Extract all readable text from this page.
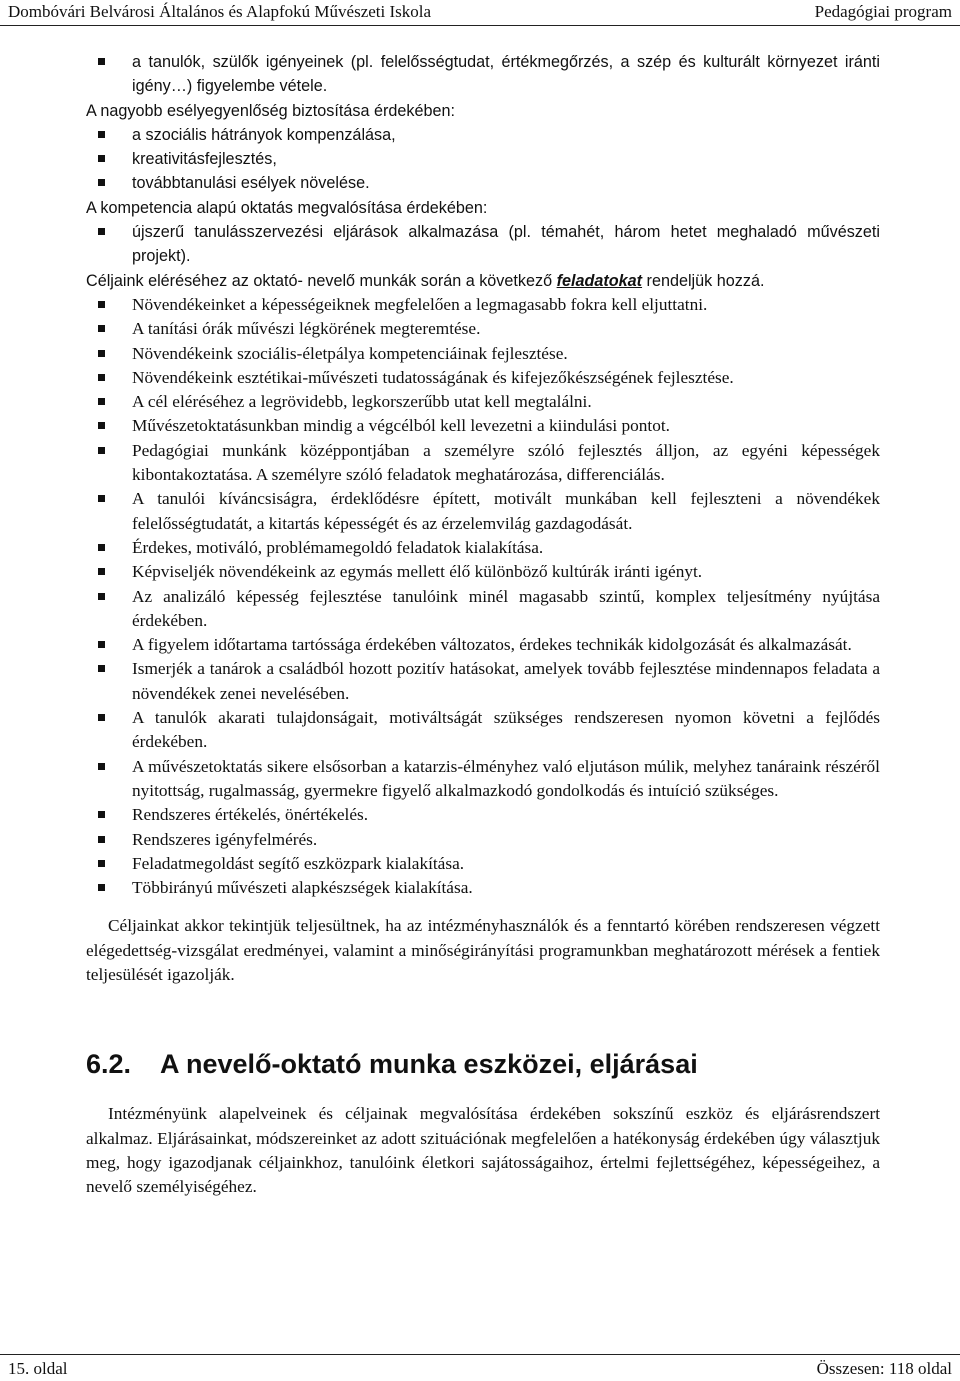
Dombóvári Belvárosi Általános és Alapfokú Művészeti Iskola	Pedagógiai program
a tanulók, szülők igényeinek (pl. felelősségtudat, értékmegőrzés, a szép és kulturált környezet iránti igény…) figyelembe vétele.
A nagyobb esélyegyenlőség biztosítása érdekében:
a szociális hátrányok kompenzálása,
kreativitásfejlesztés,
továbbtanulási esélyek növelése.
A kompetencia alapú oktatás megvalósítása érdekében:
újszerű tanulásszervezési eljárások alkalmazása (pl. témahét, három hetet meghaladó művészeti projekt).
Céljaink eléréséhez az oktató- nevelő munkák során a következő feladatokat rendeljük hozzá.
Növendékeinket a képességeiknek megfelelően a legmagasabb fokra kell eljuttatni.
A tanítási órák művészi légkörének megteremtése.
Növendékeink szociális-életpálya kompetenciáinak fejlesztése.
Növendékeink esztétikai-művészeti tudatosságának és kifejezőkészségének fejlesztése.
A cél eléréséhez a legrövidebb, legkorszerűbb utat kell megtalálni.
Művészetoktatásunkban mindig a végcélból kell levezetni a kiindulási pontot.
Pedagógiai munkánk középpontjában a személyre szóló fejlesztés álljon, az egyéni képességek kibontakoztatása. A személyre szóló feladatok meghatározása, differenciálás.
A tanulói kíváncsiságra, érdeklődésre épített, motivált munkában kell fejleszteni a növendékek felelősségtudatát, a kitartás képességét és az érzelemvilág gazdagodását.
Érdekes, motiváló, problémamegoldó feladatok kialakítása.
Képviseljék növendékeink az egymás mellett élő különböző kultúrák iránti igényt.
Az analizáló képesség fejlesztése tanulóink minél magasabb szintű, komplex teljesítmény nyújtása érdekében.
A figyelem időtartama tartóssága érdekében változatos, érdekes technikák kidolgozását és alkalmazását.
Ismerjék a tanárok a családból hozott pozitív hatásokat, amelyek tovább fejlesztése mindennapos feladata a növendékek zenei nevelésében.
A tanulók akarati tulajdonságait, motiváltságát szükséges rendszeresen nyomon követni a fejlődés érdekében.
A művészetoktatás sikere elsősorban a katarzis-élményhez való eljutáson múlik, melyhez tanáraink részéről nyitottság, rugalmasság, gyermekre figyelő alkalmazkodó gondolkodás és intuíció szükséges.
Rendszeres értékelés, önértékelés.
Rendszeres igényfelmérés.
Feladatmegoldást segítő eszközpark kialakítása.
Többirányú művészeti alapkészségek kialakítása.
Céljainkat akkor tekintjük teljesültnek, ha az intézményhasználók és a fenntartó körében rendszeresen végzett elégedettség-vizsgálat eredményei, valamint a minőségirányítási programunkban meghatározott mérések a fentiek teljesülését igazolják.
6.2. A nevelő-oktató munka eszközei, eljárásai
Intézményünk alapelveinek és céljainak megvalósítása érdekében sokszínű eszköz és eljárásrendszert alkalmaz. Eljárásainkat, módszereinket az adott szituációnak megfelelően a hatékonyság érdekében úgy választjuk meg, hogy igazodjanak céljainkhoz, tanulóink életkori sajátosságaihoz, értelmi fejlettségéhez, képességeihez, a nevelő személyiségéhez.
15. oldal	Összesen: 118 oldal
